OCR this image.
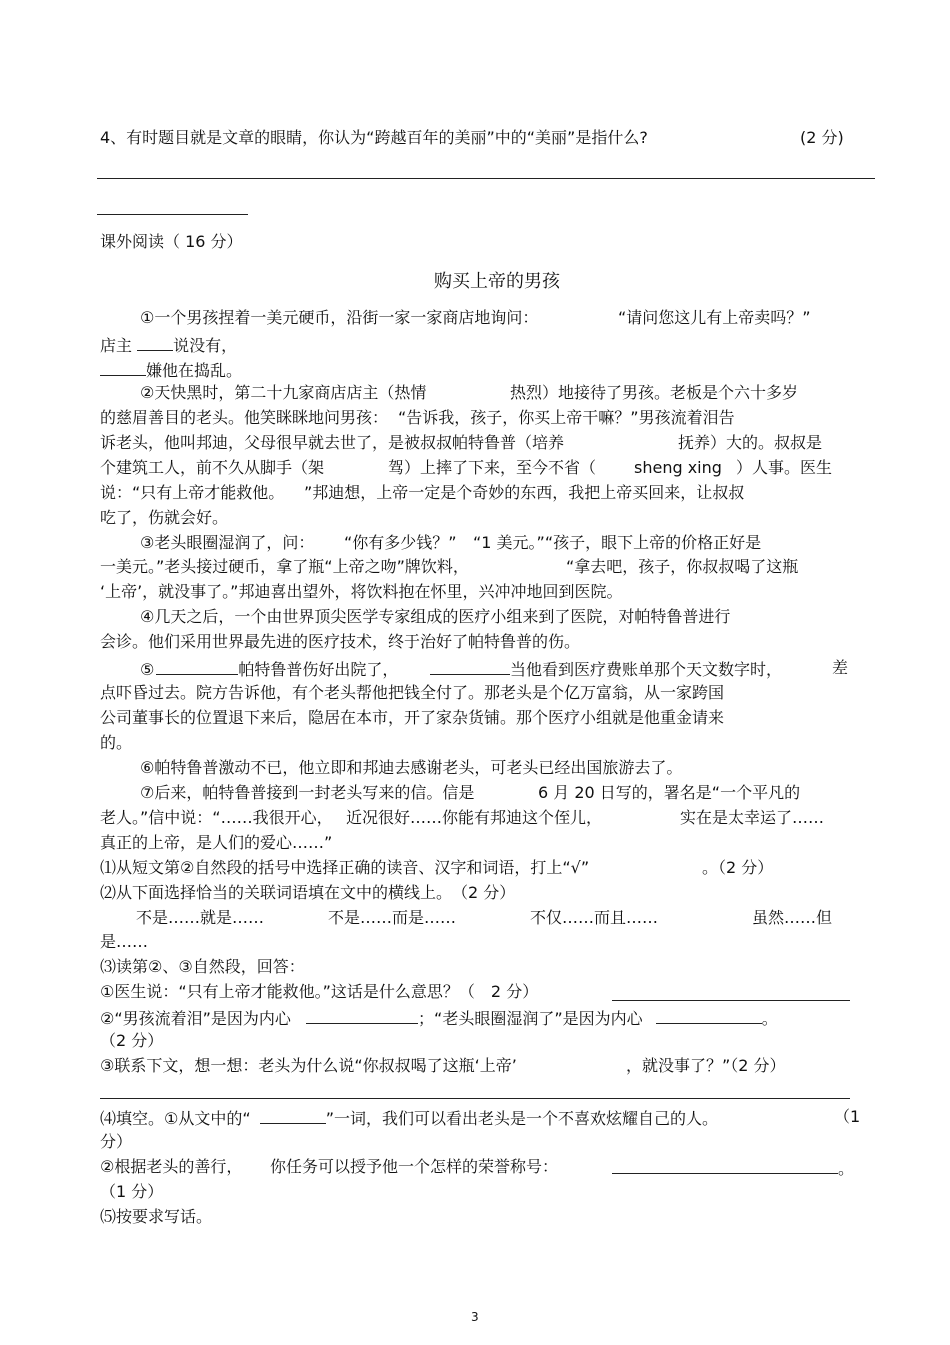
4、有时题目就是文章的眼睛，你认为“跨越百年的美丽”中的“美丽”是指什么?	(2 分)
课外阅读（ 16 分）
购买上帝的男孩
①一个男孩捏着一美元硬币，沿街一家一家商店地询问：	“请问您这儿有上帝卖吗？”
店主	说没有，
嫌他在捣乱。
②天快黑时，第二十九家商店店主（热情	热烈）地接待了男孩。老板是个六十多岁
的慈眉善目的老头。他笑眯眯地问男孩： “告诉我，孩子，你买上帝干嘛？”男孩流着泪告
诉老头，他叫邦迪，父母很早就去世了，是被叔叔帕特鲁普（培养	抚养）大的。叔叔是
个建筑工人，前不久从脚手（架	驾）上摔了下来，至今不省（ sheng xing ）人事。医生
说：“只有上帝才能救他。 ”邦迪想，上帝一定是个奇妙的东西，我把上帝买回来，让叔叔
吃了，伤就会好。
③老头眼圈湿润了，问： “你有多少钱？” “1 美元。”“孩子，眼下上帝的价格正好是
一美元。”老头接过硬币，拿了瓶“上帝之吻”牌饮料，	“拿去吧，孩子，你叔叔喝了这瓶
‘上帝’，就没事了。”邦迪喜出望外，将饮料抱在怀里，兴冲冲地回到医院。
④几天之后，一个由世界顶尖医学专家组成的医疗小组来到了医院，对帕特鲁普进行
会诊。他们采用世界最先进的医疗技术，终于治好了帕特鲁普的伤。
⑤	帕特鲁普伤好出院了，	当他看到医疗费账单那个天文数字时，	差
点吓昏过去。院方告诉他，有个老头帮他把钱全付了。那老头是个亿万富翁，从一家跨国
公司董事长的位置退下来后，隐居在本市，开了家杂货铺。那个医疗小组就是他重金请来
的。
⑥帕特鲁普激动不已，他立即和邦迪去感谢老头，可老头已经出国旅游去了。
⑦后来，帕特鲁普接到一封老头写来的信。信是	6 月 20 日写的，署名是“一个平凡的
老人。”信中说：“……我很开心， 近况很好……你能有邦迪这个侄儿，	实在是太幸运了……
真正的上帝，是人们的爱心……”
⑴从短文第②自然段的括号中选择正确的读音、汉字和词语，打上“√”	。（2 分）
⑵从下面选择恰当的关联词语填在文中的横线上。　（2 分）
不是……就是……	不是……而是……	不仅……而且……	虽然……但
是……
⑶读第②、③自然段，回答：
①医生说：“只有上帝才能救他。”这话是什么意思？（　2 分）
②“男孩流着泪”是因为内心	；“老头眼圈湿润了”是因为内心	。
（2 分）
③联系下文，想一想：老头为什么说“你叔叔喝了这瓶‘上帝’	，就没事了？”（2 分）
⑷填空。①从文中的“	”一词，我们可以看出老头是一个不喜欢炫耀自己的人。	（1
分）
②根据老头的善行， 你任务可以授予他一个怎样的荣誉称号：	。
（1 分）
⑸按要求写话。
3
